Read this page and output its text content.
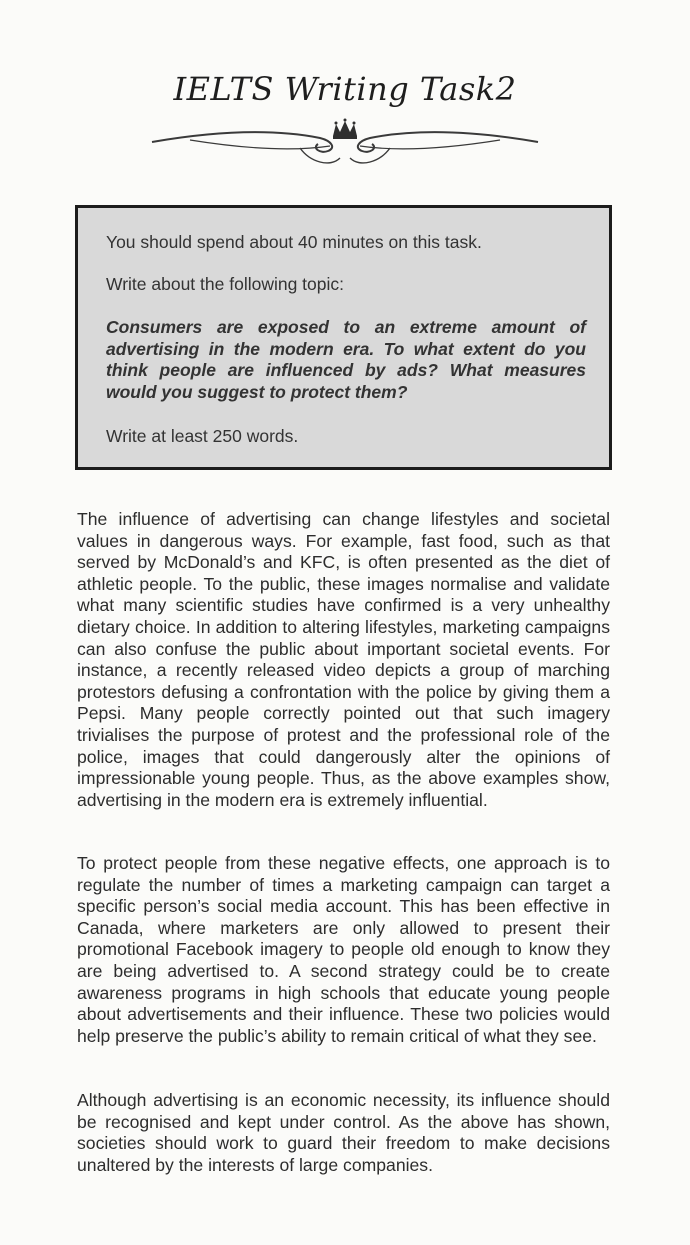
IELTS Writing Task2

You should spend about 40 minutes on this task.

Write about the following topic:

Consumers are exposed to an extreme amount of advertising in the modern era. To what extent do you think people are influenced by ads? What measures would you suggest to protect them?

Write at least 250 words.

The influence of advertising can change lifestyles and societal values in dangerous ways. For example, fast food, such as that served by McDonald’s and KFC, is often presented as the diet of athletic people. To the public, these images normalise and validate what many scientific studies have confirmed is a very unhealthy dietary choice. In addition to altering lifestyles, marketing campaigns can also confuse the public about important societal events. For instance, a recently released video depicts a group of marching protestors defusing a confrontation with the police by giving them a Pepsi. Many people correctly pointed out that such imagery trivialises the purpose of protest and the professional role of the police, images that could dangerously alter the opinions of impressionable young people. Thus, as the above examples show, advertising in the modern era is extremely influential.

To protect people from these negative effects, one approach is to regulate the number of times a marketing campaign can target a specific person’s social media account. This has been effective in Canada, where marketers are only allowed to present their promotional Facebook imagery to people old enough to know they are being advertised to. A second strategy could be to create awareness programs in high schools that educate young people about advertisements and their influence. These two policies would help preserve the public’s ability to remain critical of what they see.

Although advertising is an economic necessity, its influence should be recognised and kept under control. As the above has shown, societies should work to guard their freedom to make decisions unaltered by the interests of large companies.
